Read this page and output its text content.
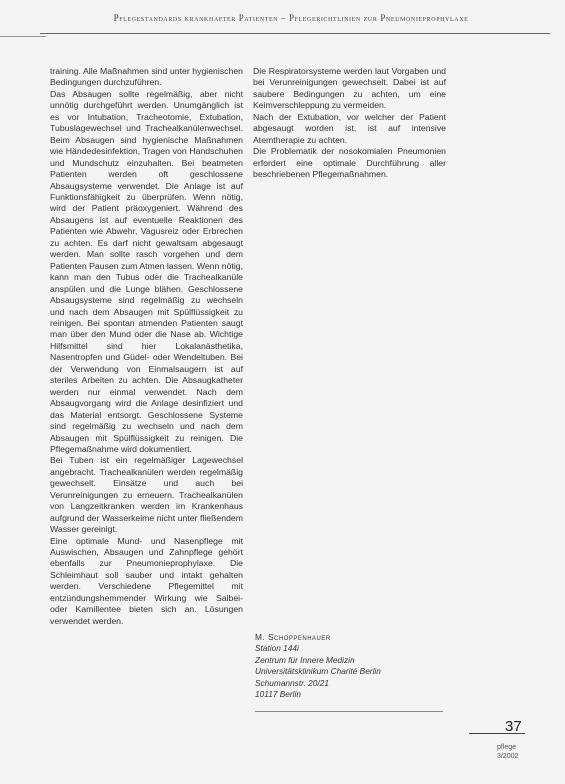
Pflegestandards krankhafter Patienten – Pflegerichtlinien zur Pneumonieprophylaxe

training. Alle Maßnahmen sind unter hygienischen Bedingungen durchzuführen.

Das Absaugen sollte regelmäßig, aber nicht unnötig durchgeführt werden. Unumgänglich ist es vor Intubation, Tracheotomie, Extubation, Tubuslagewechsel und Trachealkanülenwechsel. Beim Absaugen sind hygienische Maßnahmen wie Händedesinfektion, Tragen von Handschuhen und Mundschutz einzuhalten. Bei beatmeten Patienten werden oft geschlossene Absaugsysteme verwendet. Die Anlage ist auf Funktionsfähigkeit zu überprüfen. Wenn nötig, wird der Patient präoxygeniert. Während des Absaugens ist auf eventuelle Reaktionen des Patienten wie Abwehr, Vagusreiz oder Erbrechen zu achten. Es darf nicht gewaltsam abgesaugt werden. Man sollte rasch vorgehen und dem Patienten Pausen zum Atmen lassen. Wenn nötig, kann man den Tubus oder die Trachealkanüle anspülen und die Lunge blähen. Geschlossene Absaugsysteme sind regelmäßig zu wechseln und nach dem Absaugen mit Spülflüssigkeit zu reinigen. Bei spontan atmenden Patienten saugt man über den Mund oder die Nase ab. Wichtige Hilfsmittel sind hier Lokalanästhetika, Nasentropfen und Güdel- oder Wendeltuben. Bei der Verwendung von Einmalsaugern ist auf steriles Arbeiten zu achten. Die Absaugkatheter werden nur einmal verwendet. Nach dem Absaugvorgang wird die Anlage desinfiziert und das Material entsorgt. Geschlossene Systeme sind regelmäßig zu wechseln und nach dem Absaugen mit Spülflüssigkeit zu reinigen. Die Pflegemaßnahme wird dokumentiert.

Bei Tuben ist ein regelmäßiger Lagewechsel angebracht. Trachealkanülen werden regelmäßig gewechselt. Einsätze und auch bei Verunreinigungen zu erneuern. Trachealkanülen von Langzeitkranken werden im Krankenhaus aufgrund der Wasserkeime nicht unter fließendem Wasser gereinigt.

Eine optimale Mund- und Nasenpflege mit Auswischen, Absaugen und Zahnpflege gehört ebenfalls zur Pneumonieprophylaxe. Die Schleimhaut soll sauber und intakt gehalten werden. Verschiedene Pflegemittel mit entzündungshemmender Wirkung wie Salbei- oder Kamillentee bieten sich an. Lösungen verwendet werden.

Die Respiratorsysteme werden laut Vorgaben und bei Verunreinigungen gewechselt. Dabei ist auf saubere Bedingungen zu achten, um eine Keimverschleppung zu vermeiden.

Nach der Extubation, vor welcher der Patient abgesaugt worden ist, ist auf intensive Atemtherapie zu achten.

Die Problematik der nosokomialen Pneumonien erfordert eine optimale Durchführung aller beschriebenen Pflegemaßnahmen.

M. Schoppenhauer
Station 144i
Zentrum für Innere Medizin
Universitätsklinikum Charité Berlin
Schumannstr. 20/21
10117 Berlin
37
pflege
3/2002
